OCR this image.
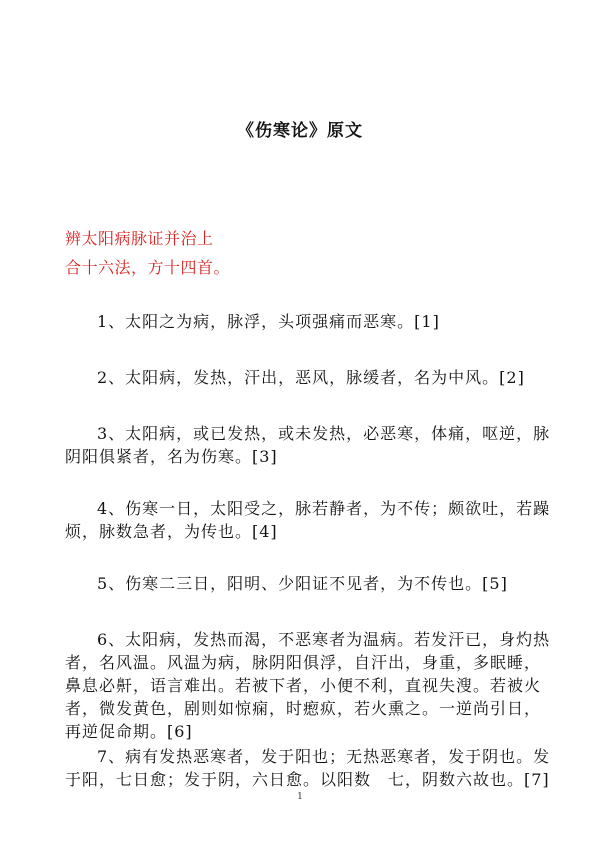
《伤寒论》原文
辨太阳病脉证并治上
合十六法，方十四首。

1、太阳之为病，脉浮，头项强痛而恶寒。[1]

2、太阳病，发热，汗出，恶风，脉缓者，名为中风。[2]

3、太阳病，或已发热，或未发热，必恶寒，体痛，呕逆，脉阴阳俱紧者，名为伤寒。[3]

4、伤寒一日，太阳受之，脉若静者，为不传；颇欲吐，若躁烦，脉数急者，为传也。[4]

5、伤寒二三日，阳明、少阳证不见者，为不传也。[5]

6、太阳病，发热而渴，不恶寒者为温病。若发汗已，身灼热者，名风温。风温为病，脉阴阳俱浮，自汗出，身重，多眠睡，鼻息必鼾，语言难出。若被下者，小便不利，直视失溲。若被火者，微发黄色，剧则如惊痫，时瘛疭，若火熏之。一逆尚引日，再逆促命期。[6]

7、病有发热恶寒者，发于阳也；无热恶寒者，发于阴也。发于阳，七日愈；发于阴，六日愈。以阳数　七，阴数六故也。[7]

1
